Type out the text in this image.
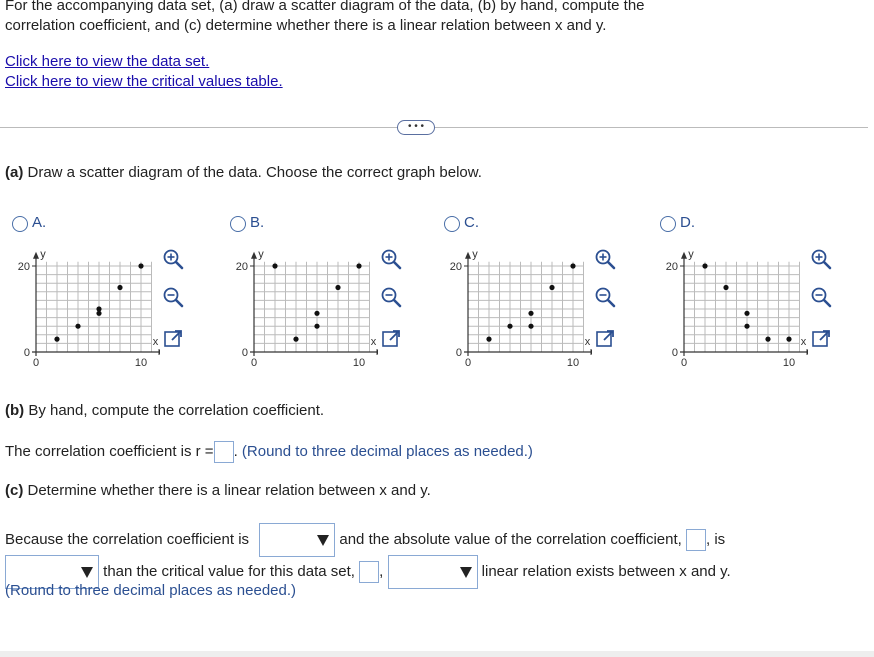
For the accompanying data set, (a) draw a scatter diagram of the data, (b) by hand, compute the
correlation coefficient, and (c) determine whether there is a linear relation between x and y.
Click here to view the data set.
Click here to view the critical values table.
• • •
(a) Draw a scatter diagram of the data. Choose the correct graph below.
A.
20
0
0	10
x
y
B.
20
0
0	10
x
y
C.
20
0
0	10
x
y
D.
20
0
0	10
x
y
(b) By hand, compute the correlation coefficient.
The correlation coefficient is r = . (Round to three decimal places as needed.)
(c) Determine whether there is a linear relation between x and y.
Because the correlation coefficient is	and the absolute value of the correlation coefficient, , is
than the critical value for this data set, ,	linear relation exists between x and y.
(Round to three decimal places as needed.)
